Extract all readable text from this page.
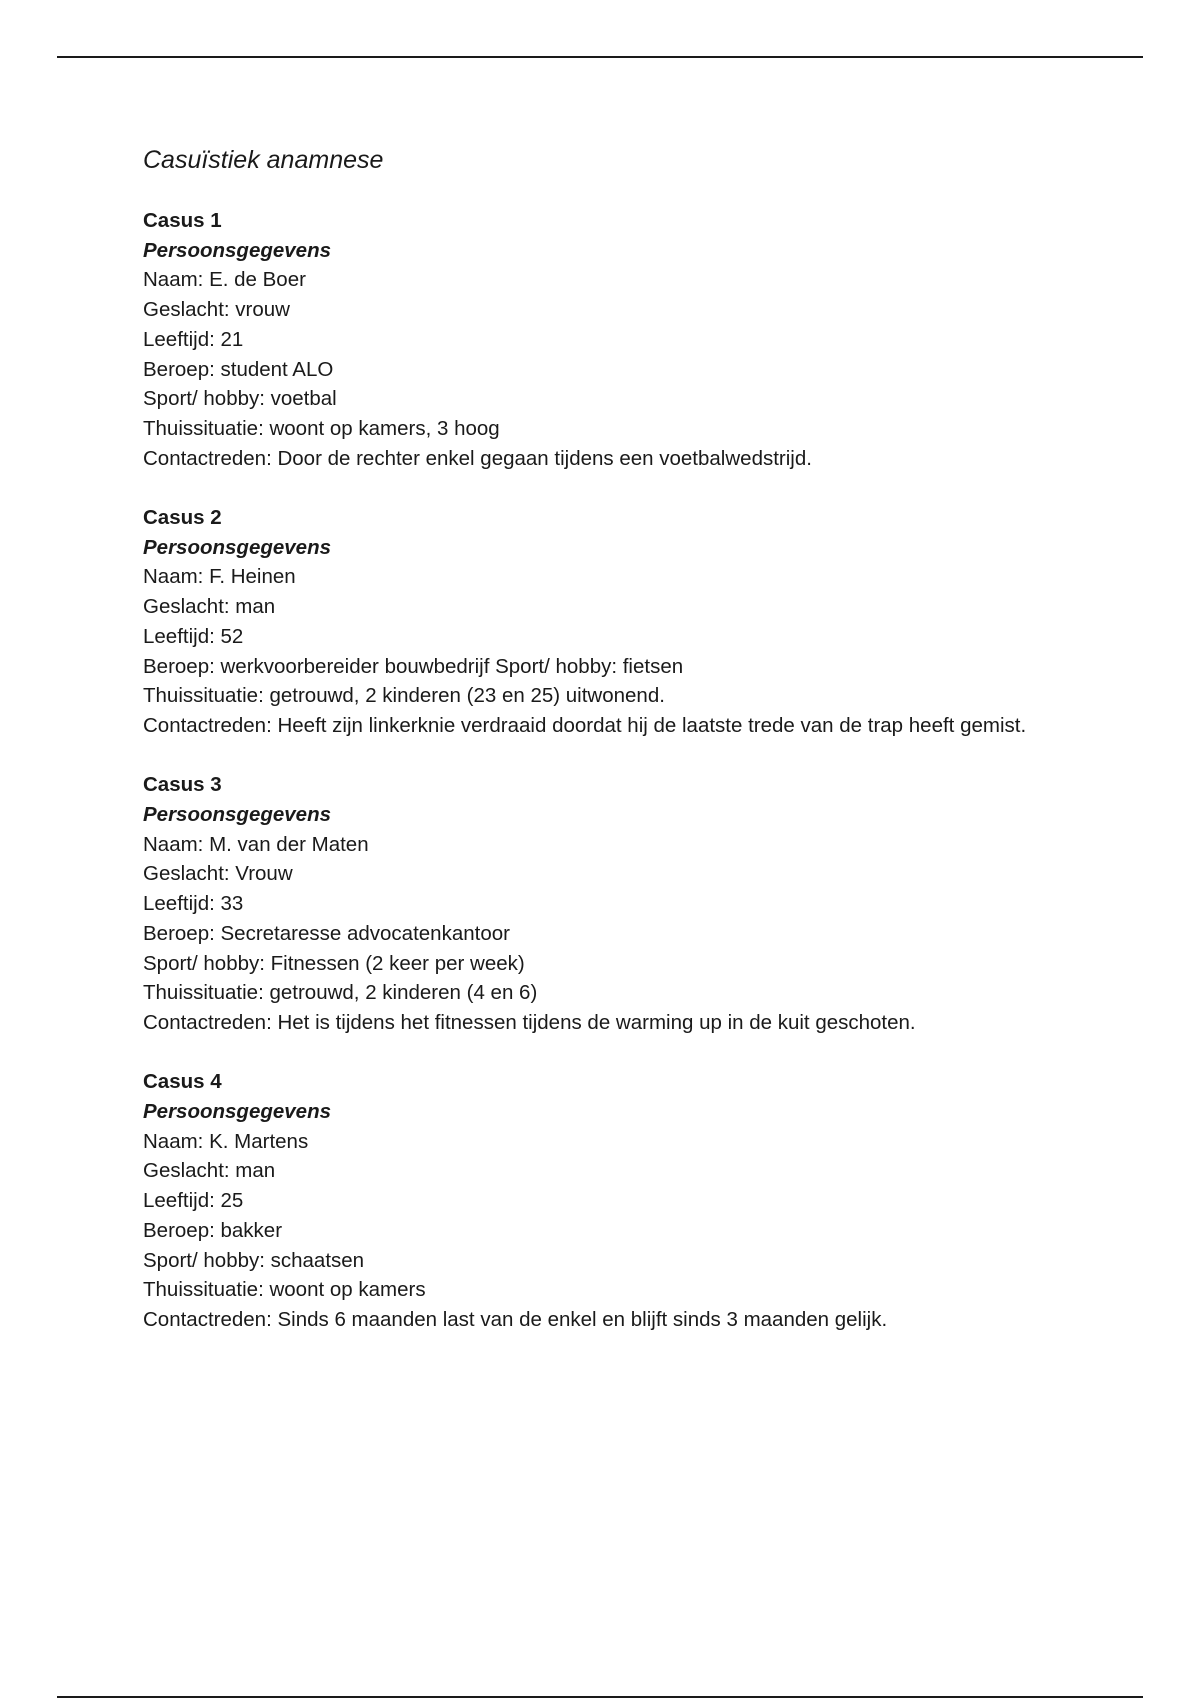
Casuïstiek anamnese

Casus 1

Persoonsgegevens

Naam: E. de Boer

Geslacht: vrouw

Leeftijd: 21

Beroep: student ALO

Sport/ hobby: voetbal

Thuissituatie: woont op kamers, 3 hoog

Contactreden: Door de rechter enkel gegaan tijdens een voetbalwedstrijd.

Casus 2

Persoonsgegevens

Naam: F. Heinen

Geslacht: man

Leeftijd: 52

Beroep: werkvoorbereider bouwbedrijf Sport/ hobby: fietsen

Thuissituatie: getrouwd, 2 kinderen (23 en 25) uitwonend.

Contactreden: Heeft zijn linkerknie verdraaid doordat hij de laatste trede van de trap heeft gemist.

Casus 3

Persoonsgegevens

Naam: M. van der Maten

Geslacht: Vrouw

Leeftijd: 33

Beroep: Secretaresse advocatenkantoor

Sport/ hobby: Fitnessen (2 keer per week)

Thuissituatie: getrouwd, 2 kinderen (4 en 6)

Contactreden: Het is tijdens het fitnessen tijdens de warming up in de kuit geschoten.

Casus 4

Persoonsgegevens

Naam: K. Martens

Geslacht: man

Leeftijd: 25

Beroep: bakker

Sport/ hobby: schaatsen

Thuissituatie: woont op kamers

Contactreden: Sinds 6 maanden last van de enkel en blijft sinds 3 maanden gelijk.
